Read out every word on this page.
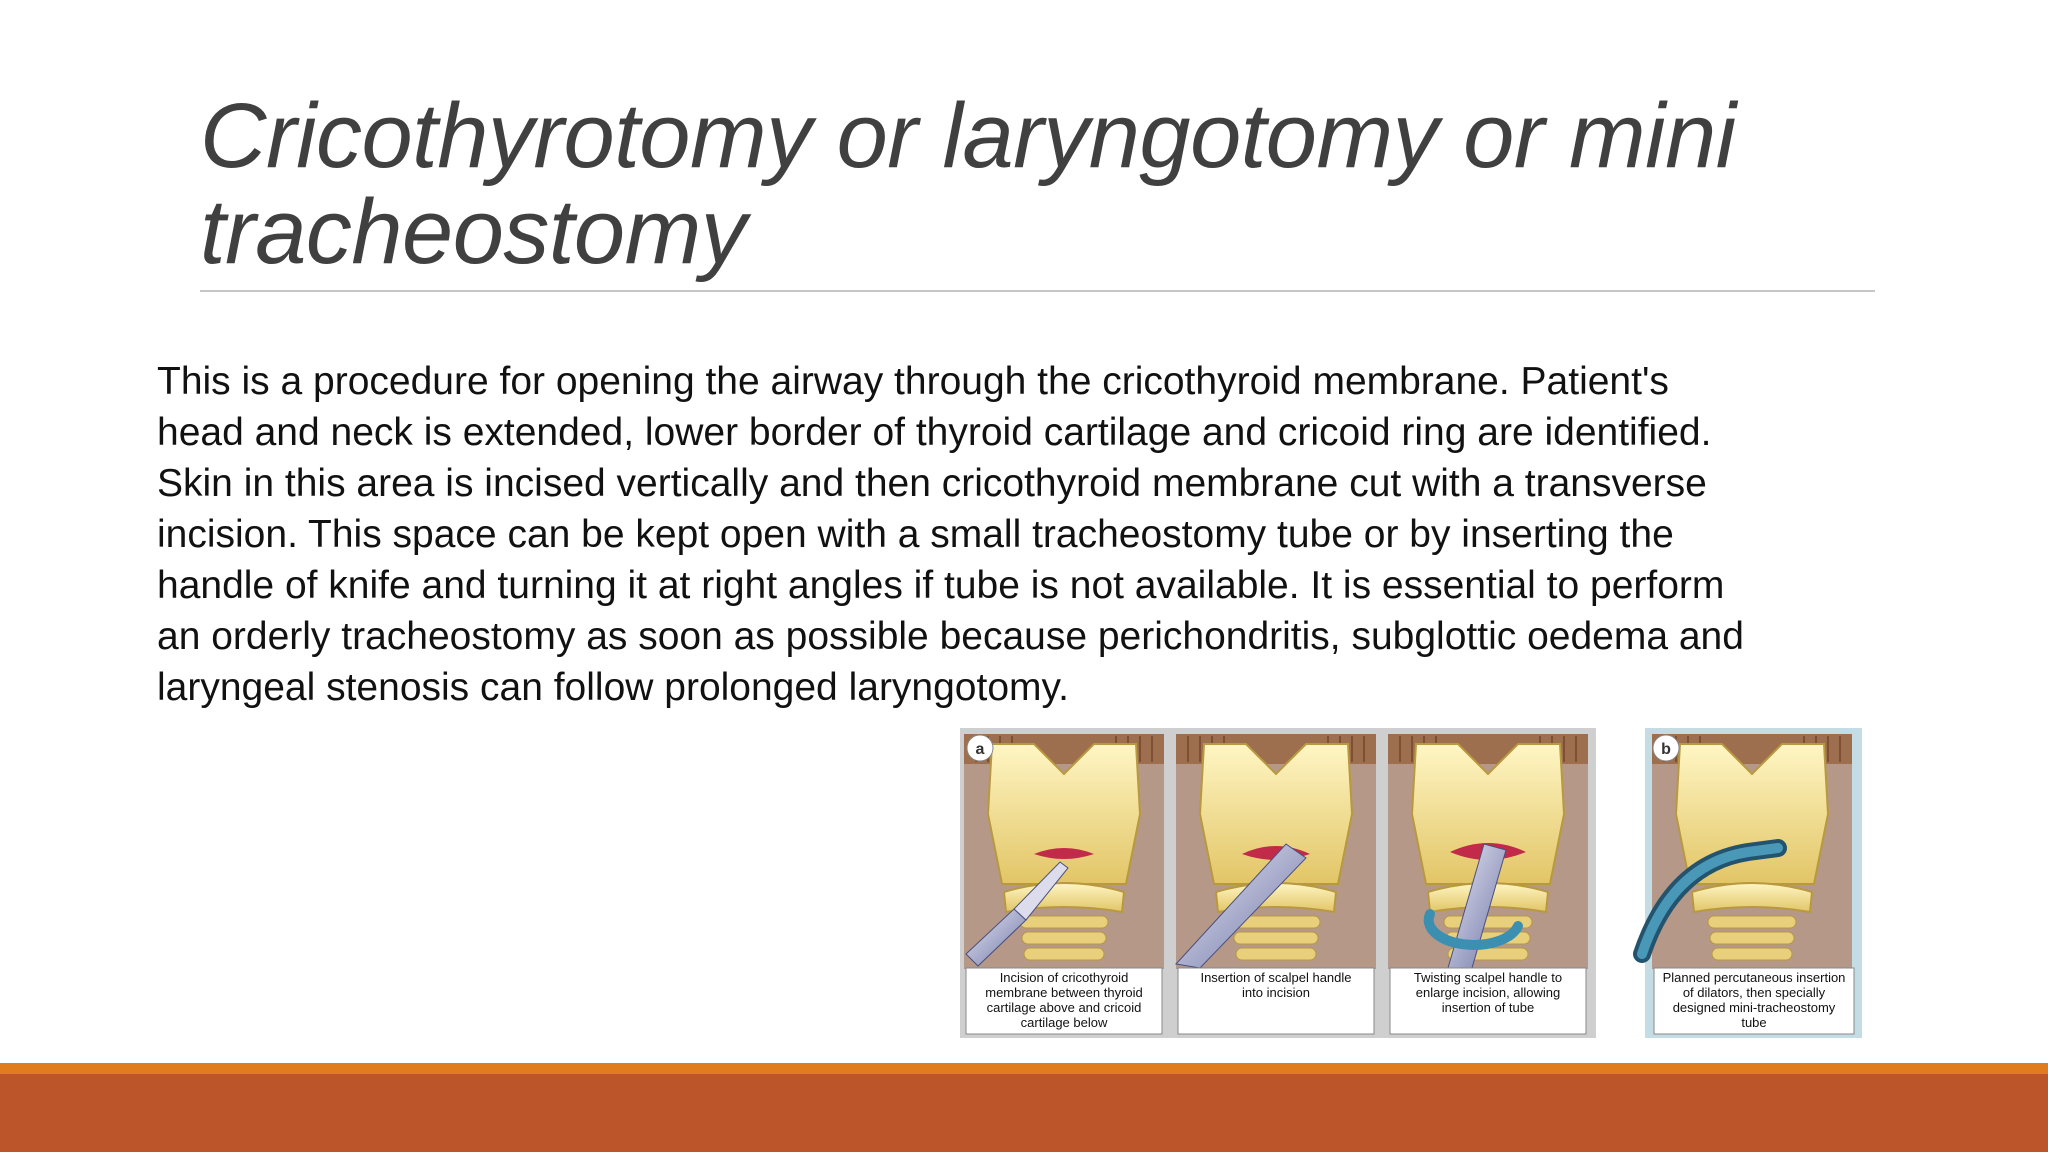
Cricothyrotomy or laryngotomy or mini tracheostomy

This is a procedure for opening the airway through the cricothyroid membrane. Patient's head and neck is extended, lower border of thyroid cartilage and cricoid ring are identified. Skin in this area is incised vertically and then cricothyroid membrane cut with a transverse incision. This space can be kept open with a small tracheostomy tube or by inserting the handle of knife and turning it at right angles if tube is not available. It is essential to perform an orderly tracheostomy as soon as possible because perichondritis, subglottic oedema and laryngeal stenosis can follow prolonged laryngotomy.

a	b
Incision of cricothyroid
membrane between thyroid
cartilage above and cricoid
cartilage below
Insertion of scalpel handle
into incision
Twisting scalpel handle to
enlarge incision, allowing
insertion of tube
Planned percutaneous insertion
of dilators, then specially
designed mini-tracheostomy
tube
